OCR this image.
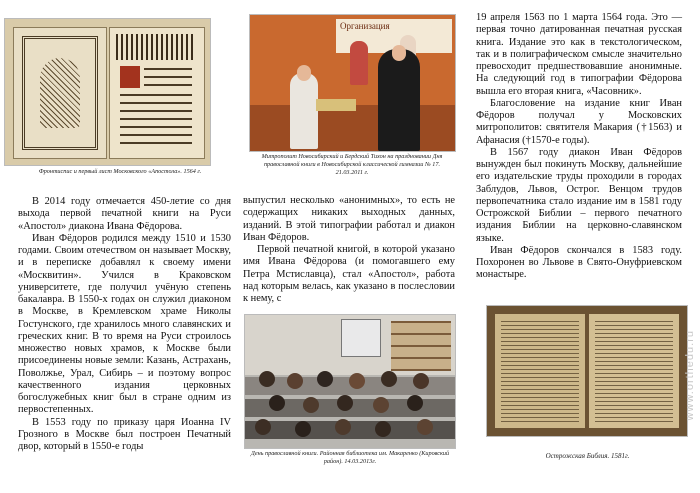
Фронтиспис и первый лист Московского «Апостола». 1564 г.

В 2014 году отмечается 450-летие со дня выхода первой печатной книги на Руси «Апостол» диакона Ивана Фёдорова.

Иван Фёдоров родился между 1510 и 1530 годами. Своим отечеством он называет Москву, и в переписке добавлял к своему имени «Москвитин». Учился в Краковском университете, где получил учёную степень бакалавра. В 1550-х годах он служил диаконом в Москве, в Кремлевском храме Николы Гостунского, где хранилось много славянских и греческих книг. В то время на Руси строилось множество новых храмов, к Москве были присоединены новые земли: Казань, Астрахань, Поволжье, Урал, Сибирь – и поэтому вопрос качественного издания церковных богослужебных книг был в стране одним из первостепенных.

В 1553 году по приказу царя Иоанна IV Грозного в Москве был построен Печатный двор, который в 1550-е годы

Организация
Митрополит Новосибирский и Бердский Тихон на праздновании Дня православной книги в Новосибирской классической гимназии № 17. 21.03.2011 г.

выпустил несколько «анонимных», то есть не содержащих никаких выходных данных, изданий. В этой типографии работал и диакон Иван Фёдоров.

Первой печатной книгой, в которой указано имя Ивана Фёдорова (и помогавшего ему Петра Мстиславца), стал «Апостол», работа над которым велась, как указано в послесловии к нему, с

День православной книги. Районная библиотека им. Макаренко (Кировский район). 14.03.2013г.

19 апреля 1563 по 1 марта 1564 года. Это — первая точно датированная печатная русская книга. Издание это как в текстологическом, так и в полиграфическом смысле значительно превосходит предшествовавшие анонимные. На следующий год в типографии Фёдорова вышла его вторая книга, «Часовник».

Благословение на издание книг Иван Фёдоров получал у Московских митрополитов: святителя Макария (†1563) и Афанасия (†1570-е годы).

В 1567 году диакон Иван Фёдоров вынужден был покинуть Москву, дальнейшие его издательские труды проходили в городах Заблудов, Львов, Острог. Венцом трудов первопечатника стало издание им в 1581 году Острожской Библии – первого печатного издания Библии на церковно-славянском языке.

Иван Фёдоров скончался в 1583 году. Похоронен во Львове в Свято-Онуфриевском монастыре.

Острожская Библия. 1581г.
www.orthedu.ru
